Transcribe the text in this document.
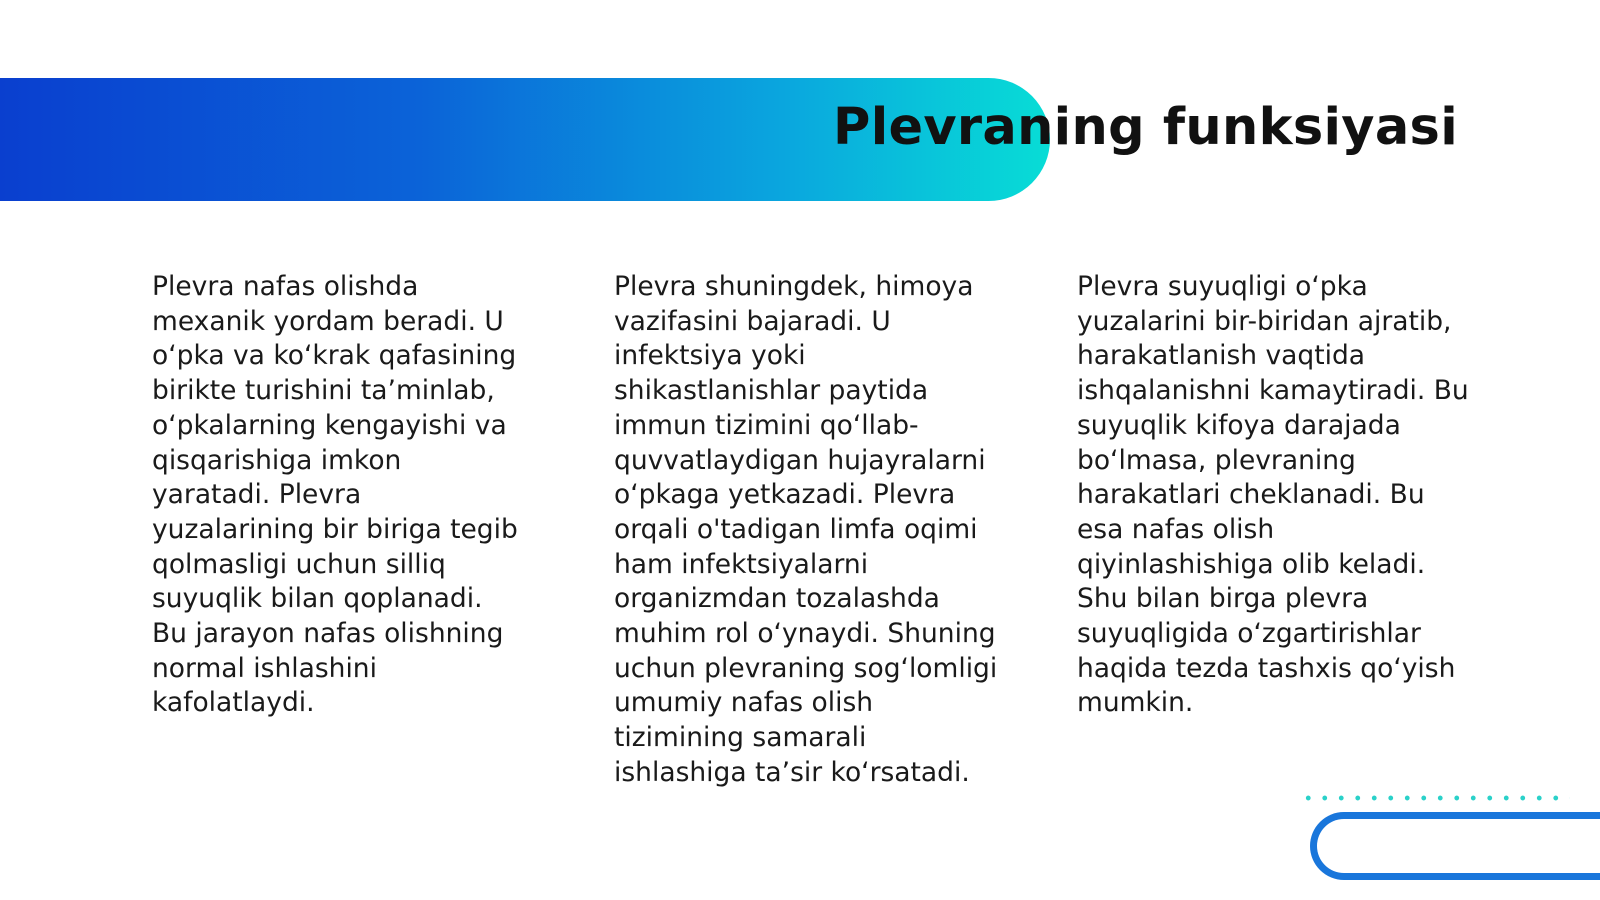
Plevraning funksiyasi

Plevra nafas olishda mexanik yordam beradi. U o‘pka va ko‘krak qafasining birikte turishini ta’minlab, o‘pkalarning kengayishi va qisqarishiga imkon yaratadi. Plevra yuzalarining bir biriga tegib qolmasligi uchun silliq suyuqlik bilan qoplanadi. Bu jarayon nafas olishning normal ishlashini kafolatlaydi.

Plevra shuningdek, himoya vazifasini bajaradi. U infektsiya yoki shikastlanishlar paytida immun tizimini qo‘llab-quvvatlaydigan hujayralarni o‘pkaga yetkazadi. Plevra orqali o'tadigan limfa oqimi ham infektsiyalarni organizmdan tozalashda muhim rol o‘ynaydi. Shuning uchun plevraning sog‘lomligi umumiy nafas olish tizimining samarali ishlashiga ta’sir ko‘rsatadi.

Plevra suyuqligi o‘pka yuzalarini bir-biridan ajratib, harakatlanish vaqtida ishqalanishni kamaytiradi. Bu suyuqlik kifoya darajada bo‘lmasa, plevraning harakatlari cheklanadi. Bu esa nafas olish qiyinlashishiga olib keladi. Shu bilan birga plevra suyuqligida o‘zgartirishlar haqida tezda tashxis qo‘yish mumkin.
